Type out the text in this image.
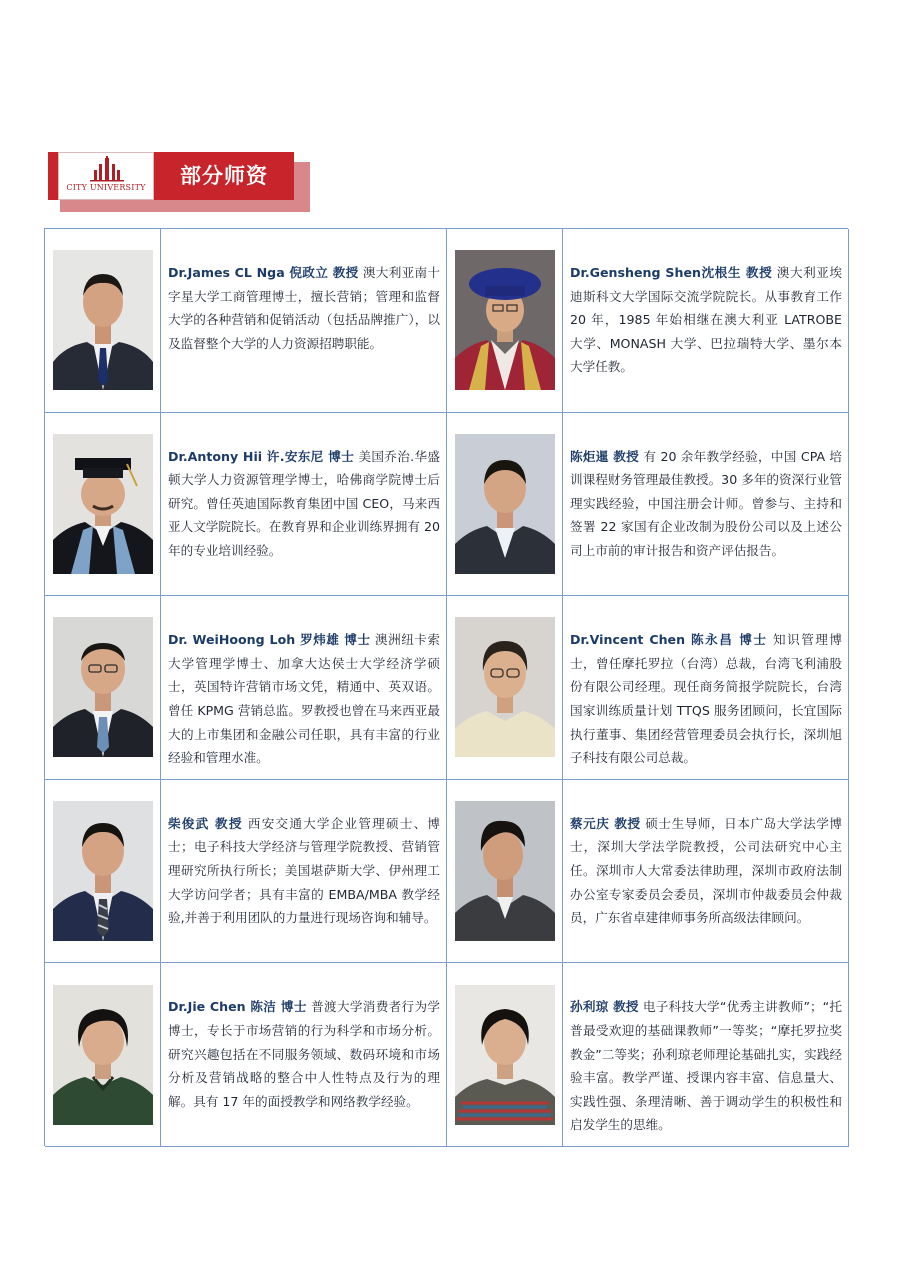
CITY UNIVERSITY	部分师资

Dr.James CL Nga 倪政立 教授 澳大利亚南十字星大学工商管理博士，擅长营销；管理和监督大学的各种营销和促销活动（包括品牌推广），以及监督整个大学的人力资源招聘职能。

Dr.Gensheng Shen沈根生 教授 澳大利亚埃迪斯科文大学国际交流学院院长。从事教育工作 20 年，1985 年始相继在澳大利亚 LATROBE 大学、MONASH 大学、巴拉瑞特大学、墨尔本大学任教。

Dr.Antony Hii 许.安东尼 博士 美国乔治.华盛顿大学人力资源管理学博士，哈佛商学院博士后研究。曾任英迪国际教育集团中国 CEO，马来西亚人文学院院长。在教育界和企业训练界拥有 20 年的专业培训经验。

陈炬暹 教授 有 20 余年教学经验，中国 CPA 培训课程财务管理最佳教授。30 多年的资深行业管理实践经验，中国注册会计师。曾参与、主持和签署 22 家国有企业改制为股份公司以及上述公司上市前的审计报告和资产评估报告。

Dr. WeiHoong Loh 罗炜雄 博士 澳洲纽卡索大学管理学博士、加拿大达侯士大学经济学硕士，英国特许营销市场文凭，精通中、英双语。曾任 KPMG 营销总监。罗教授也曾在马来西亚最大的上市集团和金融公司任职，具有丰富的行业经验和管理水准。

Dr.Vincent Chen 陈永昌 博士 知识管理博士，曾任摩托罗拉（台湾）总裁，台湾飞利浦股份有限公司经理。现任商务简报学院院长，台湾国家训练质量计划 TTQS 服务团顾问，长宜国际执行董事、集团经营管理委员会执行长，深圳旭子科技有限公司总裁。

柴俊武 教授 西安交通大学企业管理硕士、博士；电子科技大学经济与管理学院教授、营销管理研究所执行所长；美国堪萨斯大学、伊州理工大学访问学者；具有丰富的 EMBA/MBA 教学经验,并善于利用团队的力量进行现场咨询和辅导。

蔡元庆 教授 硕士生导师，日本广岛大学法学博士，深圳大学法学院教授，公司法研究中心主任。深圳市人大常委法律助理，深圳市政府法制办公室专家委员会委员，深圳市仲裁委员会仲裁员，广东省卓建律师事务所高级法律顾问。

Dr.Jie Chen 陈洁 博士 普渡大学消费者行为学博士，专长于市场营销的行为科学和市场分析。研究兴趣包括在不同服务领域、数码环境和市场分析及营销战略的整合中人性特点及行为的理解。具有 17 年的面授教学和网络教学经验。

孙利琼 教授 电子科技大学“优秀主讲教师”；“托普最受欢迎的基础课教师”一等奖；“摩托罗拉奖教金”二等奖；孙利琼老师理论基础扎实，实践经验丰富。教学严谨、授课内容丰富、信息量大、实践性强、条理清晰、善于调动学生的积极性和启发学生的思维。
